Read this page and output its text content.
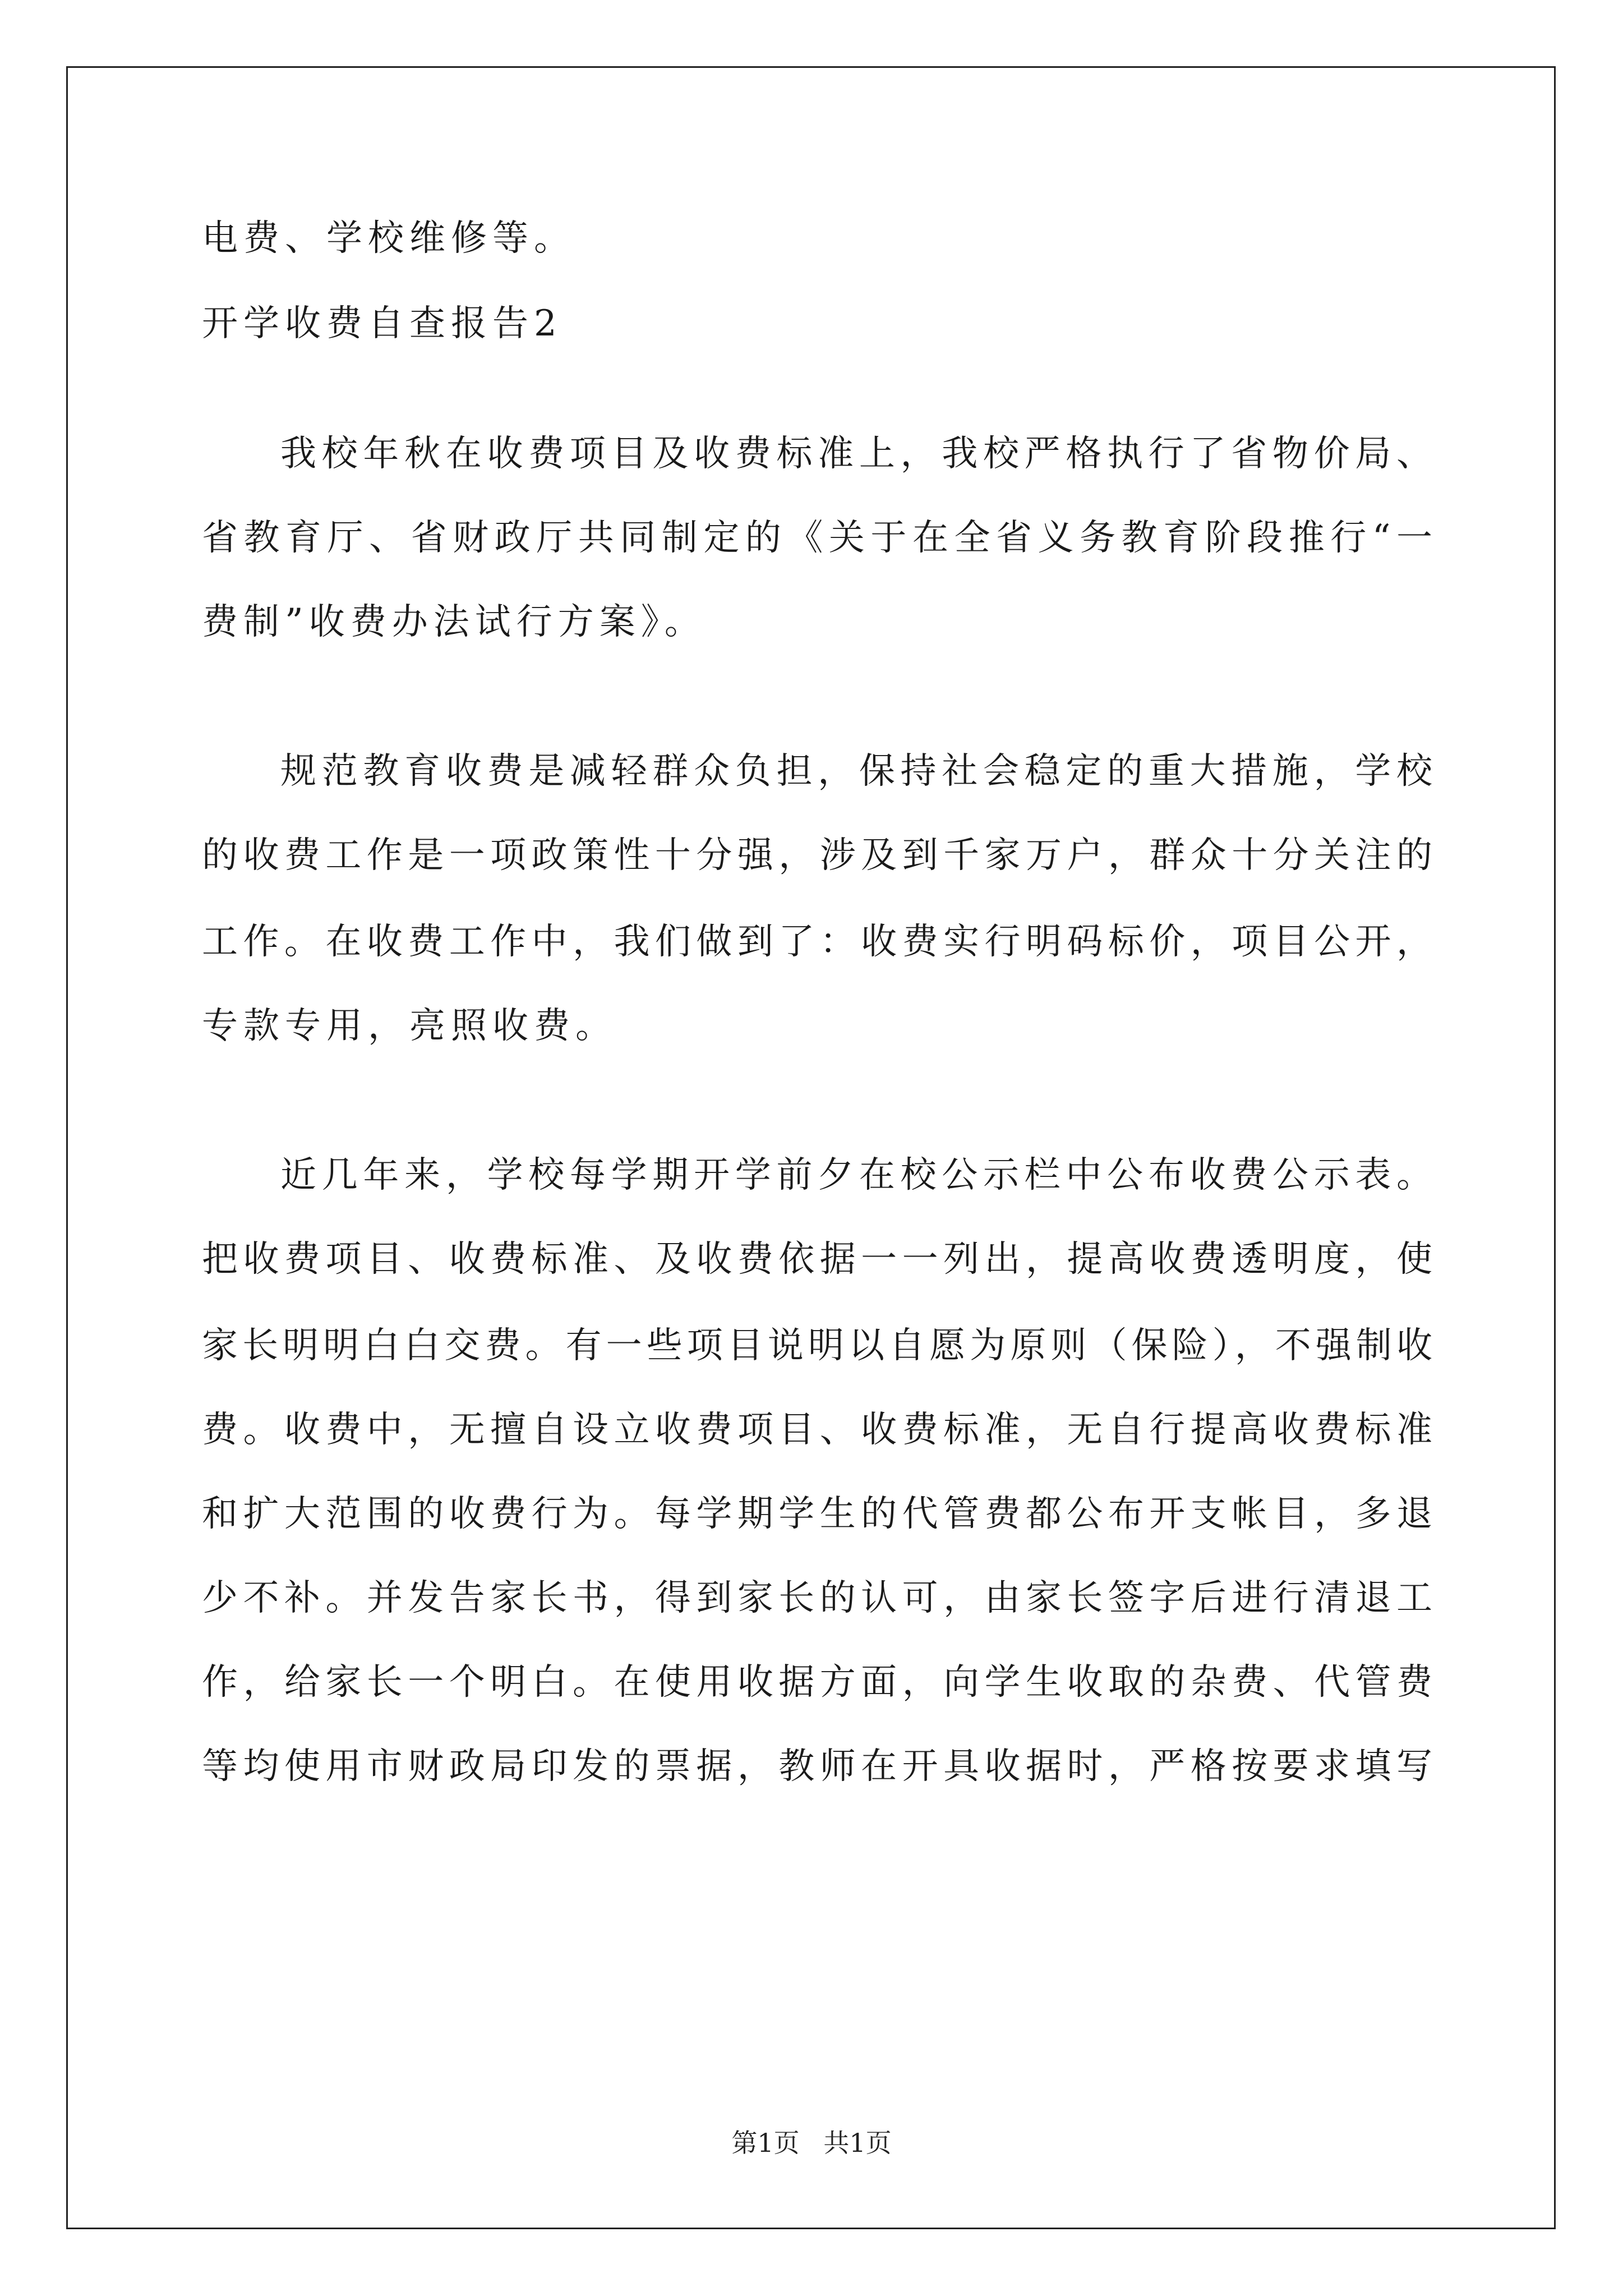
电费、学校维修等。
开学收费自查报告2
我校年秋在收费项目及收费标准上，我校严格执行了省物价局、
省教育厅、省财政厅共同制定的《关于在全省义务教育阶段推行“一
费制”收费办法试行方案》。
规范教育收费是减轻群众负担，保持社会稳定的重大措施，学校
的收费工作是一项政策性十分强，涉及到千家万户，群众十分关注的
工作。在收费工作中，我们做到了：收费实行明码标价，项目公开，
专款专用，亮照收费。
近几年来，学校每学期开学前夕在校公示栏中公布收费公示表。
把收费项目、收费标准、及收费依据一一列出，提高收费透明度，使
家长明明白白交费。有一些项目说明以自愿为原则（保险），不强制收
费。收费中，无擅自设立收费项目、收费标准，无自行提高收费标准
和扩大范围的收费行为。每学期学生的代管费都公布开支帐目，多退
少不补。并发告家长书，得到家长的认可，由家长签字后进行清退工
作，给家长一个明白。在使用收据方面，向学生收取的杂费、代管费
等均使用市财政局印发的票据，教师在开具收据时，严格按要求填写
第1页 共1页
